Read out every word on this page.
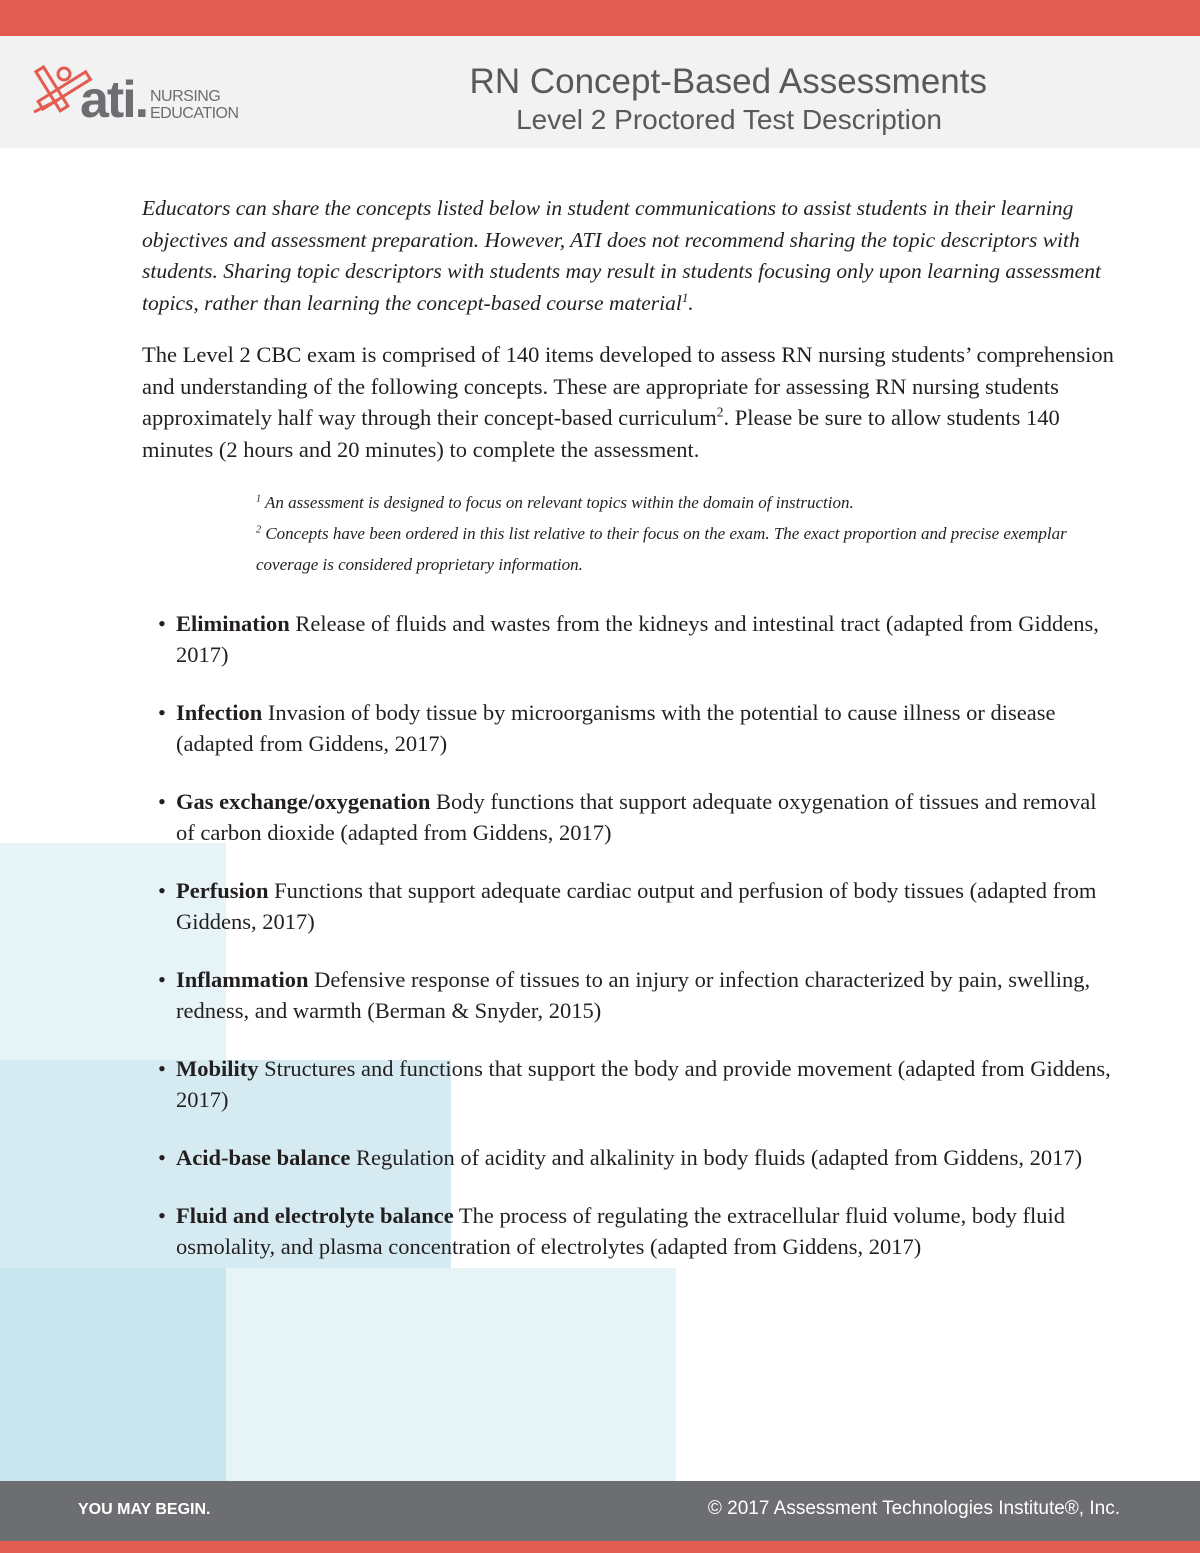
ati. NURSING
EDUCATION
RN Concept-Based Assessments
Level 2 Proctored Test Description

Educators can share the concepts listed below in student communications to assist students in their learning objectives and assessment preparation. However, ATI does not recommend sharing the topic descriptors with students. Sharing topic descriptors with students may result in students focusing only upon learning assessment topics, rather than learning the concept-based course material$^1$.

The Level 2 CBC exam is comprised of 140 items developed to assess RN nursing students’ comprehension and understanding of the following concepts. These are appropriate for assessing RN nursing students approximately half way through their concept-based curriculum$^2$. Please be sure to allow students 140 minutes (2 hours and 20 minutes) to complete the assessment.

$^1$ An assessment is designed to focus on relevant topics within the domain of instruction.

$^2$ Concepts have been ordered in this list relative to their focus on the exam. The exact proportion and precise exemplar coverage is considered proprietary information.

• Elimination Release of fluids and wastes from the kidneys and intestinal tract (adapted from Giddens, 2017)
• Infection Invasion of body tissue by microorganisms with the potential to cause illness or disease (adapted from Giddens, 2017)
• Gas exchange/oxygenation Body functions that support adequate oxygenation of tissues and removal of carbon dioxide (adapted from Giddens, 2017)
• Perfusion Functions that support adequate cardiac output and perfusion of body tissues (adapted from Giddens, 2017)
• Inflammation Defensive response of tissues to an injury or infection characterized by pain, swelling, redness, and warmth (Berman & Snyder, 2015)
• Mobility Structures and functions that support the body and provide movement (adapted from Giddens, 2017)
• Acid-base balance Regulation of acidity and alkalinity in body fluids (adapted from Giddens, 2017)
• Fluid and electrolyte balance The process of regulating the extracellular fluid volume, body fluid osmolality, and plasma concentration of electrolytes (adapted from Giddens, 2017)
YOU MAY BEGIN.	© 2017 Assessment Technologies Institute®, Inc.
